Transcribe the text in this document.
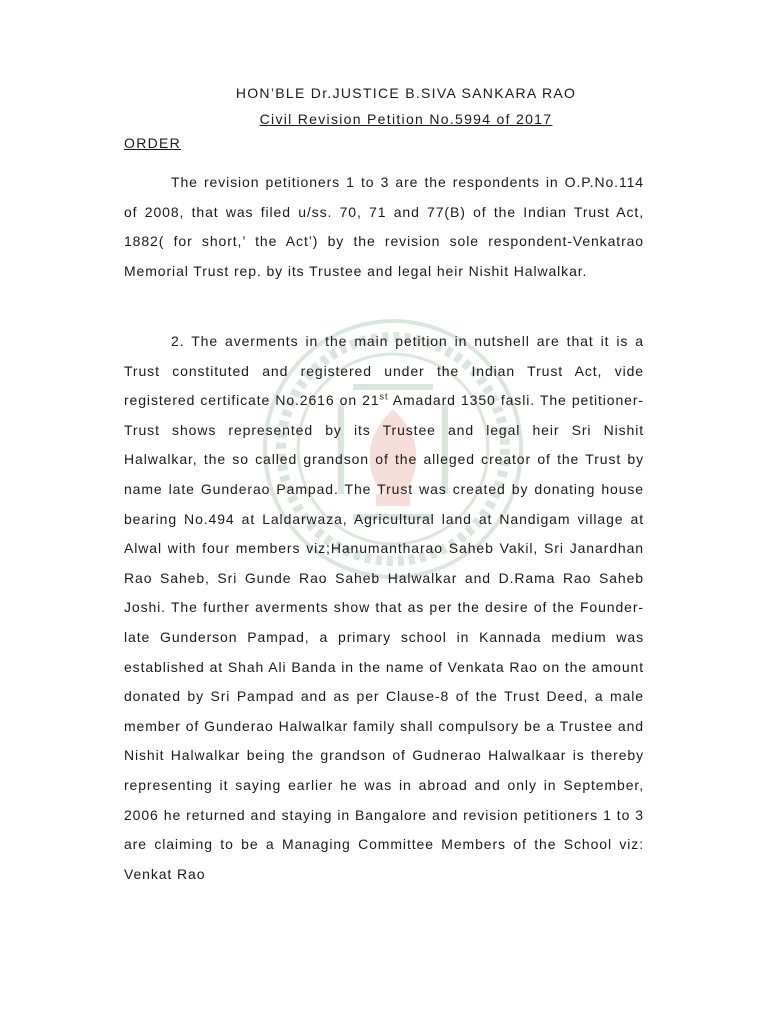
HON’BLE Dr.JUSTICE B.SIVA SANKARA RAO
Civil Revision Petition No.5994 of 2017
ORDER

The revision petitioners 1 to 3 are the respondents in O.P.No.114 of 2008, that was filed u/ss. 70, 71 and 77(B) of the Indian Trust Act, 1882( for short,’ the Act’) by the revision sole respondent-Venkatrao Memorial Trust rep. by its Trustee and legal heir Nishit Halwalkar.

2. The averments in the main petition in nutshell are that it is a Trust constituted and registered under the Indian Trust Act, vide registered certificate No.2616 on 21st Amadard 1350 fasli. The petitioner-Trust shows represented by its Trustee and legal heir Sri Nishit Halwalkar, the so called grandson of the alleged creator of the Trust by name late Gunderao Pampad. The Trust was created by donating house bearing No.494 at Laldarwaza, Agricultural land at Nandigam village at Alwal with four members viz;Hanumantharao Saheb Vakil, Sri Janardhan Rao Saheb, Sri Gunde Rao Saheb Halwalkar and D.Rama Rao Saheb Joshi. The further averments show that as per the desire of the Founder-late Gunderson Pampad, a primary school in Kannada medium was established at Shah Ali Banda in the name of Venkata Rao on the amount donated by Sri Pampad and as per Clause-8 of the Trust Deed, a male member of Gunderao Halwalkar family shall compulsory be a Trustee and Nishit Halwalkar being the grandson of Gudnerao Halwalkaar is thereby representing it saying earlier he was in abroad and only in September, 2006 he returned and staying in Bangalore and revision petitioners 1 to 3 are claiming to be a Managing Committee Members of the School viz: Venkat Rao
